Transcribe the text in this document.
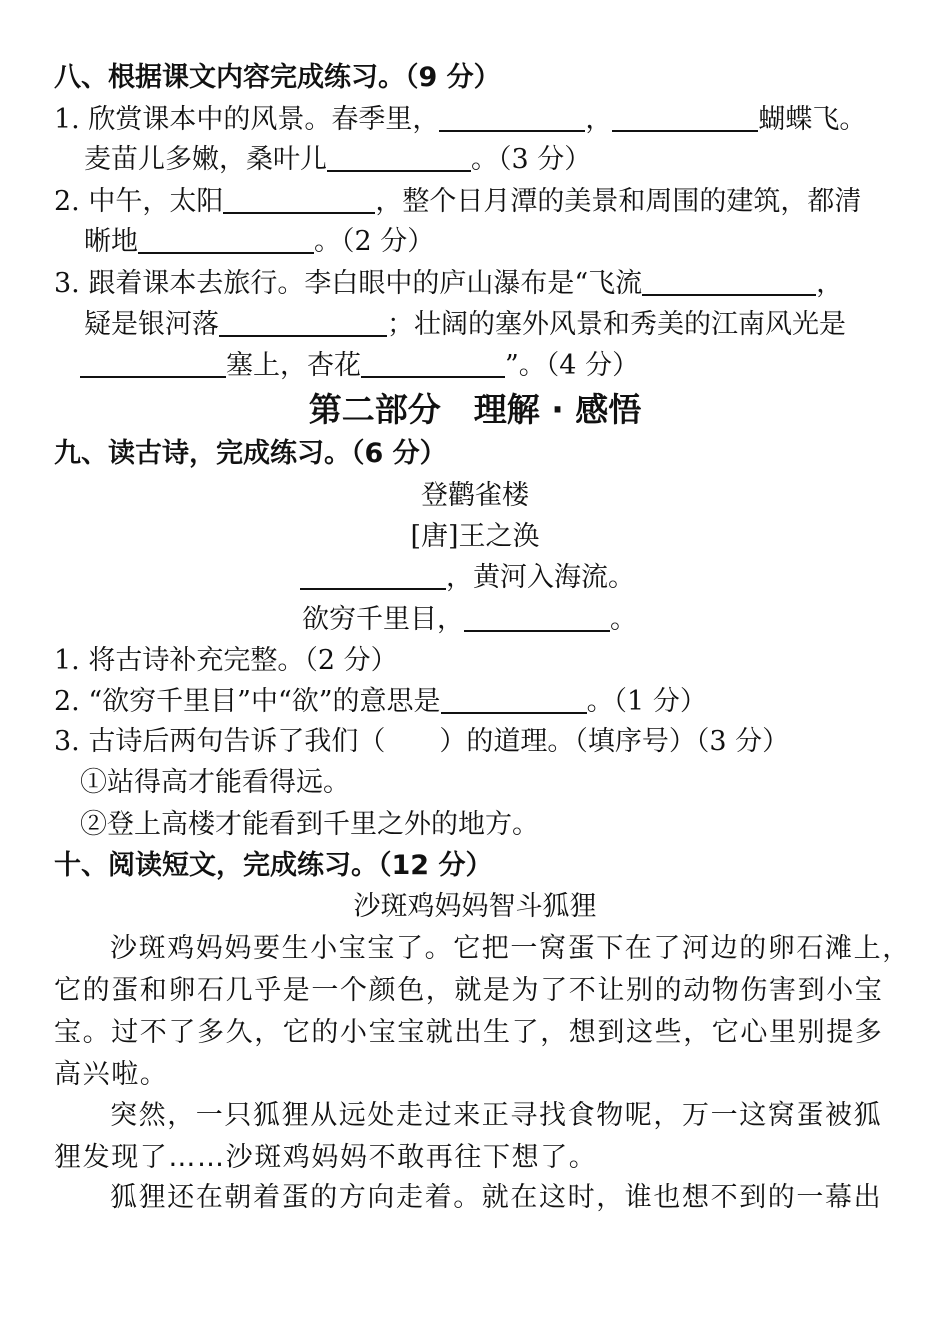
八、根据课文内容完成练习。（9 分）
1. 欣赏课本中的风景。春季里，	，	蝴蝶飞。
麦苗儿多嫩，桑叶儿	。（3 分）
2. 中午，太阳	，整个日月潭的美景和周围的建筑，都清
晰地	。（2 分）
3. 跟着课本去旅行。李白眼中的庐山瀑布是“飞流	，
疑是银河落	；壮阔的塞外风景和秀美的江南风光是
塞上，杏花	”。（4 分）
第二部分　理解 · 感悟
九、读古诗，完成练习。（6 分）
登鹳雀楼
[唐]王之涣
，黄河入海流。
欲穷千里目，	。
1. 将古诗补充完整。（2 分）
2. “欲穷千里目”中“欲”的意思是	。（1 分）
3. 古诗后两句告诉了我们（　　）的道理。（填序号）（3 分）
①站得高才能看得远。
②登上高楼才能看到千里之外的地方。
十、阅读短文，完成练习。（12 分）
沙斑鸡妈妈智斗狐狸
沙斑鸡妈妈要生小宝宝了。它把一窝蛋下在了河边的卵石滩上，
它的蛋和卵石几乎是一个颜色，就是为了不让别的动物伤害到小宝
宝。过不了多久，它的小宝宝就出生了，想到这些，它心里别提多
高兴啦。
突然，一只狐狸从远处走过来正寻找食物呢，万一这窝蛋被狐
狸发现了……沙斑鸡妈妈不敢再往下想了。
狐狸还在朝着蛋的方向走着。就在这时，谁也想不到的一幕出
